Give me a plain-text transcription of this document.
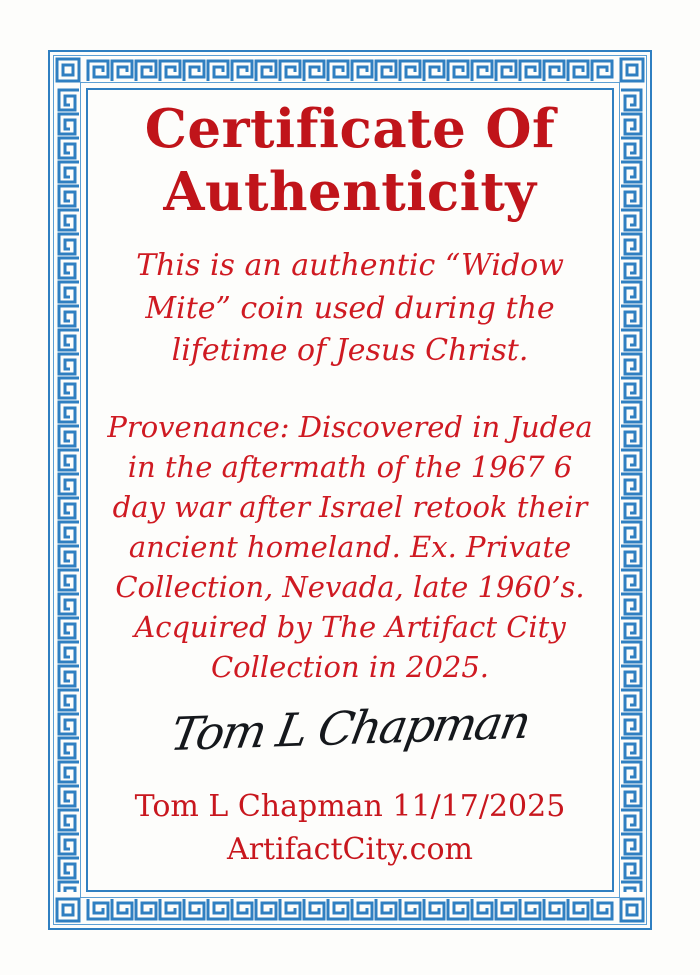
Certificate Of
Authenticity

This is an authentic “Widow Mite” coin used during the lifetime of Jesus Christ.

Provenance: Discovered in Judea in the aftermath of the 1967 6 day war after Israel retook their ancient homeland. Ex. Private Collection, Nevada, late 1960’s. Acquired by The Artifact City Collection in 2025.

Tom L Chapman

Tom L Chapman 11/17/2025

ArtifactCity.com
